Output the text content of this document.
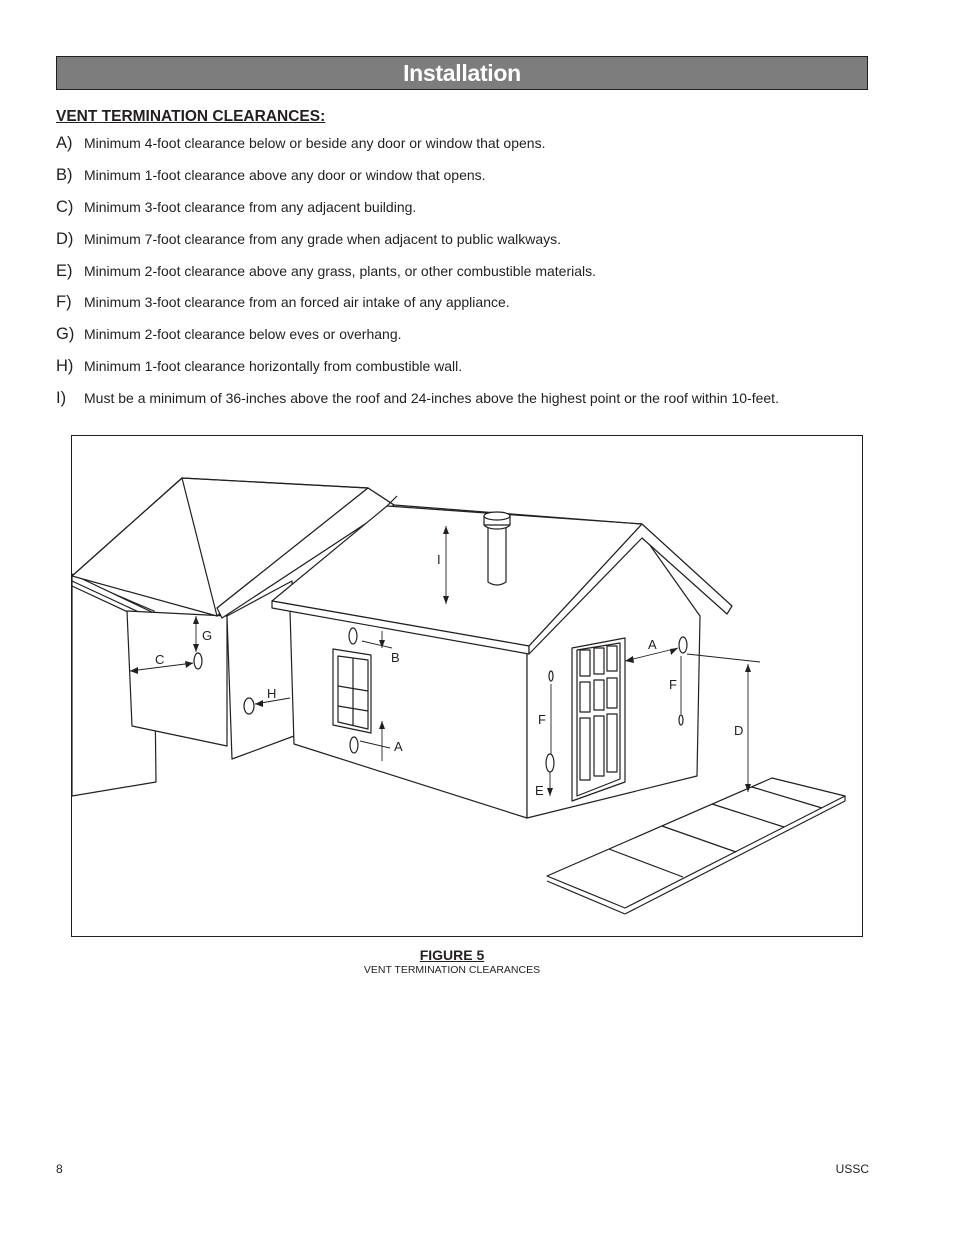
Installation
VENT TERMINATION CLEARANCES:
A) Minimum 4-foot clearance below or beside any door or window that opens.
B) Minimum 1-foot clearance above any door or window that opens.
C) Minimum 3-foot clearance from any adjacent building.
D) Minimum 7-foot clearance from any grade when adjacent to public walkways.
E) Minimum 2-foot clearance above any grass, plants, or other combustible materials.
F) Minimum 3-foot clearance from an forced air intake of any appliance.
G) Minimum 2-foot clearance below eves or overhang.
H) Minimum 1-foot clearance horizontally from combustible wall.
I)	Must be a minimum of 36-inches above the roof and 24-inches above the highest point or the roof within 10-feet.
I
G
C
H
B
A
F
E
A
F
D
FIGURE 5
VENT TERMINATION CLEARANCES
8	USSC
